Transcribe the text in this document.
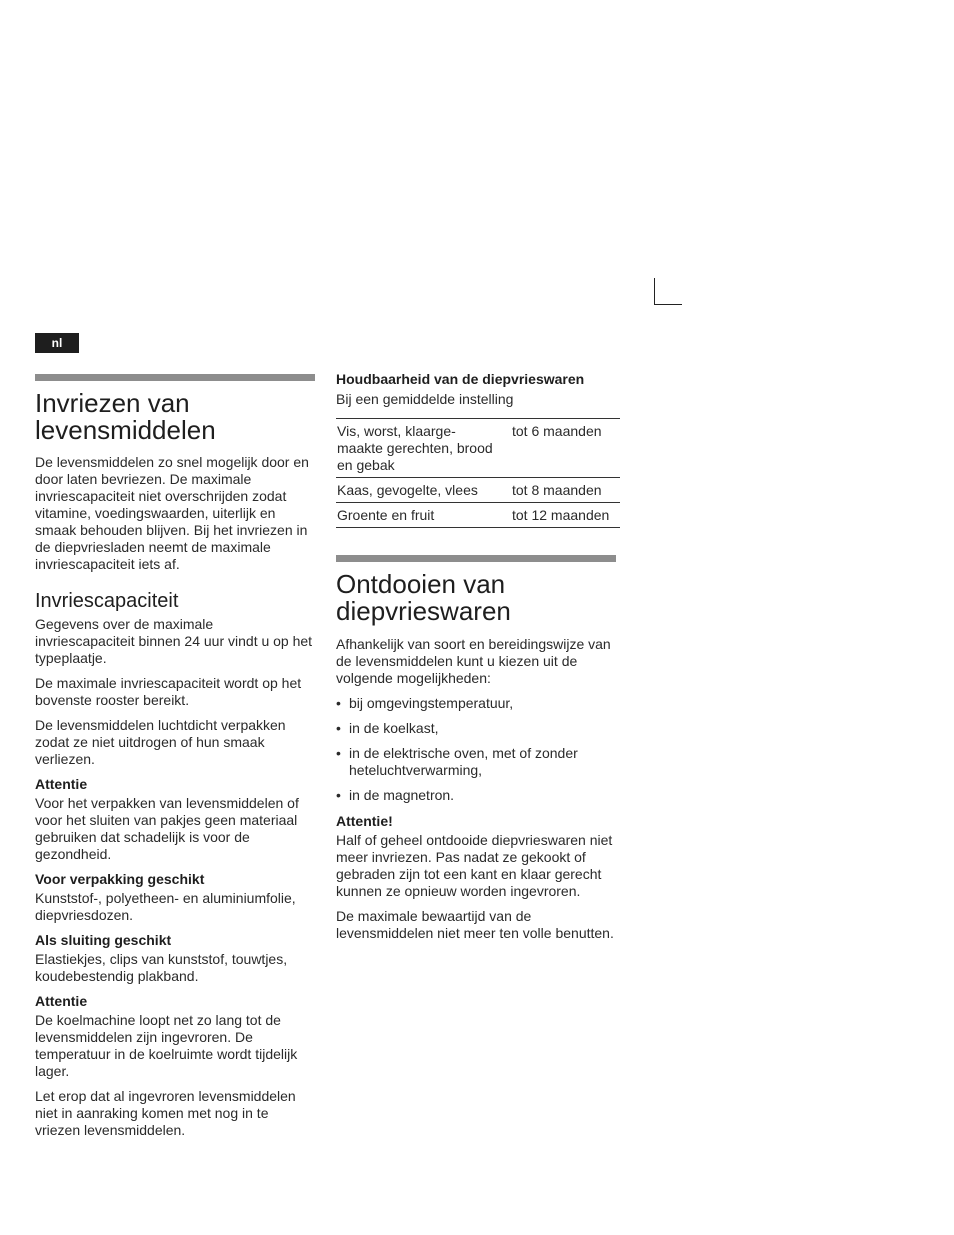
nl
Invriezen van levensmiddelen

De levensmiddelen zo snel mogelijk door en door laten bevriezen. De maximale invriescapaciteit niet overschrijden zodat vitamine, voedingswaarden, uiterlijk en smaak behouden blijven. Bij het invriezen in de diepvriesladen neemt de maximale invriescapaciteit iets af.

Invriescapaciteit

Gegevens over de maximale invriescapaciteit binnen 24 uur vindt u op het typeplaatje.

De maximale invriescapaciteit wordt op het bovenste rooster bereikt.

De levensmiddelen luchtdicht verpakken zodat ze niet uitdrogen of hun smaak verliezen.

Attentie

Voor het verpakken van levensmiddelen of voor het sluiten van pakjes geen materiaal gebruiken dat schadelijk is voor de gezondheid.

Voor verpakking geschikt

Kunststof-, polyetheen- en aluminiumfolie, diepvriesdozen.

Als sluiting geschikt

Elastiekjes, clips van kunststof, touwtjes, koudebestendig plakband.

Attentie

De koelmachine loopt net zo lang tot de levensmiddelen zijn ingevroren. De temperatuur in de koelruimte wordt tijdelijk lager.

Let erop dat al ingevroren levensmiddelen niet in aanraking komen met nog in te vriezen levensmiddelen.

Houdbaarheid van de diepvrieswaren

Bij een gemiddelde instelling

Vis, worst, klaarge- maakte gerechten, brood en gebak		tot 6 maanden
Kaas, gevogelte, vlees		tot 8 maanden
Groente en fruit		tot 12 maanden
Ontdooien van diepvrieswaren

Afhankelijk van soort en bereidingswijze van de levensmiddelen kunt u kiezen uit de volgende mogelijkheden:

• bij omgevingstemperatuur,
• in de koelkast,
• in de elektrische oven, met of zonder heteluchtverwarming,
• in de magnetron.
Attentie!

Half of geheel ontdooide diepvrieswaren niet meer invriezen. Pas nadat ze gekookt of gebraden zijn tot een kant en klaar gerecht kunnen ze opnieuw worden ingevroren.

De maximale bewaartijd van de levensmiddelen niet meer ten volle benutten.
